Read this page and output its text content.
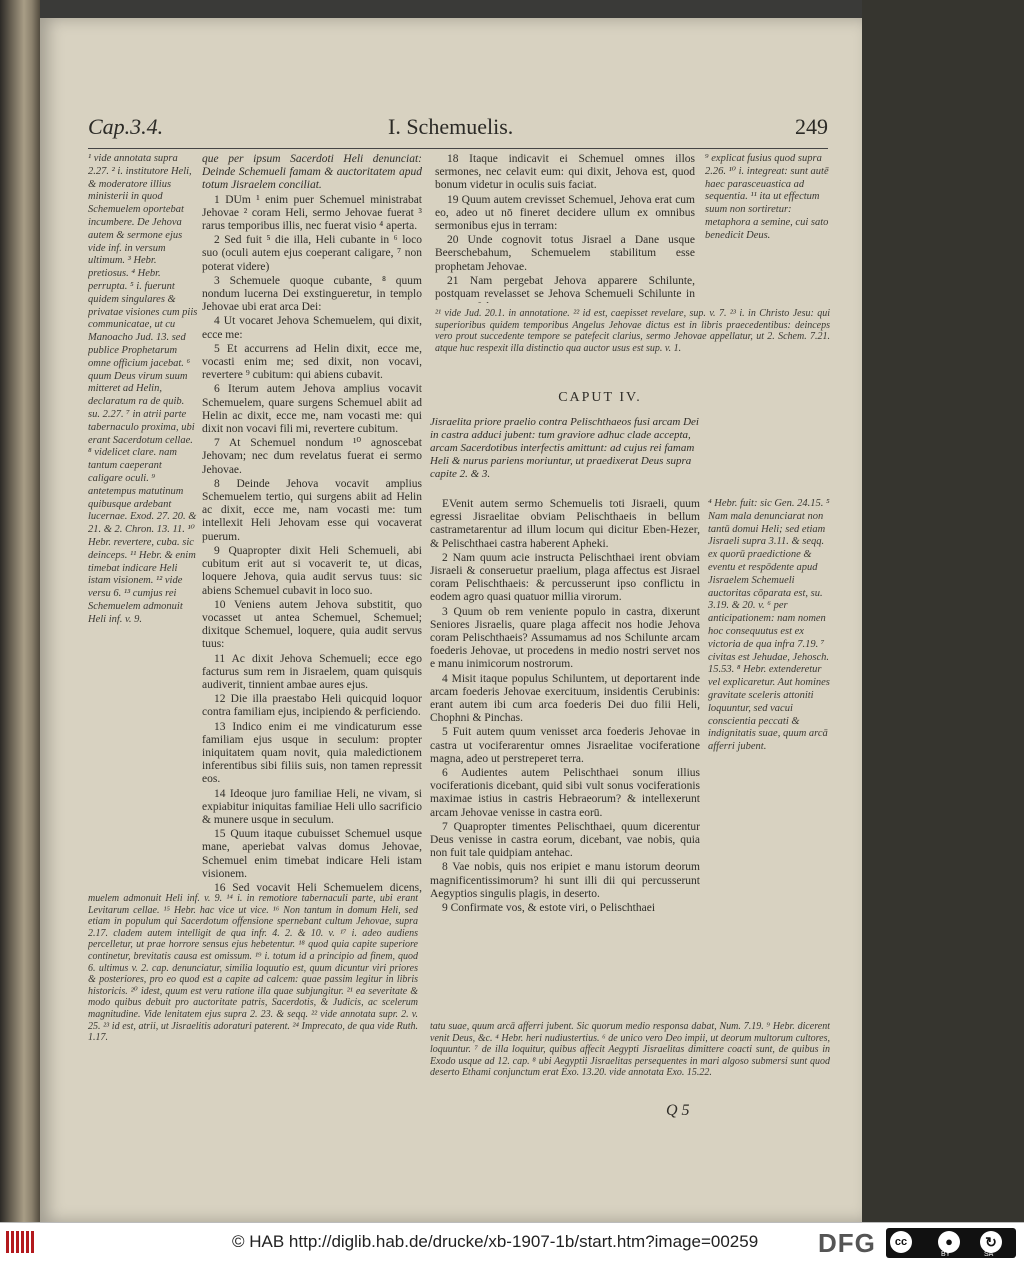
Cap.3.4.	I. Schemuelis.	249
¹ vide annotata supra 2.27. ² i. institutore Heli, & moderatore illius ministerii in quod Schemuelem oportebat incumbere. De Jehova autem & sermone ejus vide inf. in versum ultimum. ³ Hebr. pretiosus. ⁴ Hebr. perrupta. ⁵ i. fuerunt quidem singulares & privatae visiones cum piis communicatae, ut cu Manoacho Jud. 13. sed publice Prophetarum omne officium jacebat. ⁶ quum Deus virum suum mitteret ad Helin, declaratum ra de quib. su. 2.27. ⁷ in atrii parte tabernaculo proxima, ubi erant Sacerdotum cellae. ⁸ videlicet clare. nam tantum caeperant caligare oculi. ⁹ antetempus matutinum quibusque ardebant lucernae. Exod. 27. 20. & 21. & 2. Chron. 13. 11. ¹⁰ Hebr. revertere, cuba. sic deinceps. ¹¹ Hebr. & enim timebat indicare Heli istam visionem. ¹² vide versu 6. ¹³ cumjus rei Schemuelem admonuit Heli inf. v. 9.

que per ipsum Sacerdoti Heli denunciat: Deinde Schemueli famam & auctoritatem apud totum Jisraelem conciliat.

1 DUm ¹ enim puer Schemuel ministrabat Jehovae ² coram Heli, sermo Jehovae fuerat ³ rarus temporibus illis, nec fuerat visio ⁴ aperta.

2 Sed fuit ⁵ die illa, Heli cubante in ⁶ loco suo (oculi autem ejus coeperant caligare, ⁷ non poterat videre)

3 Schemuele quoque cubante, ⁸ quum nondum lucerna Dei exstingueretur, in templo Jehovae ubi erat arca Dei:

4 Ut vocaret Jehova Schemuelem, qui dixit, ecce me:

5 Et accurrens ad Helin dixit, ecce me, vocasti enim me; sed dixit, non vocavi, revertere ⁹ cubitum: qui abiens cubavit.

6 Iterum autem Jehova amplius vocavit Schemuelem, quare surgens Schemuel abiit ad Helin ac dixit, ecce me, nam vocasti me: qui dixit non vocavi fili mi, revertere cubitum.

7 At Schemuel nondum ¹⁰ agnoscebat Jehovam; nec dum revelatus fuerat ei sermo Jehovae.

8 Deinde Jehova vocavit amplius Schemuelem tertio, qui surgens abiit ad Helin ac dixit, ecce me, nam vocasti me: tum intellexit Heli Jehovam esse qui vocaverat puerum.

9 Quapropter dixit Heli Schemueli, abi cubitum erit aut si vocaverit te, ut dicas, loquere Jehova, quia audit servus tuus: sic abiens Schemuel cubavit in loco suo.

10 Veniens autem Jehova substitit, quo vocasset ut antea Schemuel, Schemuel; dixitque Schemuel, loquere, quia audit servus tuus:

11 Ac dixit Jehova Schemueli; ecce ego facturus sum rem in Jisraelem, quam quisquis audiverit, tinnient ambae aures ejus.

12 Die illa praestabo Heli quicquid loquor contra familiam ejus, incipiendo & perficiendo.

13 Indico enim ei me vindicaturum esse familiam ejus usque in seculum: propter iniquitatem quam novit, quia maledictionem inferentibus sibi filiis suis, non tamen repressit eos.

14 Ideoque juro familiae Heli, ne vivam, si expiabitur iniquitas familiae Heli ullo sacrificio & munere usque in seculum.

15 Quum itaque cubuisset Schemuel usque mane, aperiebat valvas domus Jehovae, Schemuel enim timebat indicare Heli istam visionem.

16 Sed vocavit Heli Schemuelem dicens,

18 Itaque indicavit ei Schemuel omnes illos sermones, nec celavit eum: qui dixit, Jehova est, quod bonum videtur in oculis suis faciat.

19 Quum autem crevisset Schemuel, Jehova erat cum eo, adeo ut nō fineret decidere ullum ex omnibus sermonibus ejus in terram:

20 Unde cognovit totus Jisrael a Dane usque Beerschebahum, Schemuelem stabilitum esse prophetam Jehovae.

21 Nam pergebat Jehova apparere Schilunte, postquam revelasset se Jehova Schemueli Schilunte in

⁹ explicat fusius quod supra 2.26. ¹⁰ i. integreat: sunt autē haec parasceuastica ad sequentia. ¹¹ ita ut effectum suum non sortiretur: metaphora a semine, cui sato benedicit Deus.
²¹ vide Jud. 20.1. in annotatione. ²² id est, caepisset revelare, sup. v. 7. ²³ i. in Christo Jesu: qui superioribus quidem temporibus Angelus Jehovae dictus est in libris praecedentibus: deinceps vero prout succedente tempore se patefecit clarius, sermo Jehovae appellatur, ut 2. Schem. 7.21. atque huc respexit illa distinctio qua auctor usus est sup. v. 1.
CAPUT IV.
Jisraelita priore praelio contra Pelischthaeos fusi arcam Dei in castra adduci jubent: tum graviore adhuc clade accepta, arcam Sacerdotibus interfectis amittunt: ad cujus rei famam Heli & nurus pariens moriuntur, ut praedixerat Deus supra capite 2. & 3.

EVenit autem sermo Schemuelis toti Jisraeli, quum egressi Jisraelitae obviam Pelischthaeis in bellum castrametarentur ad illum locum qui dicitur Eben-Hezer, & Pelischthaei castra haberent Apheki.

2 Nam quum acie instructa Pelischthaei irent obviam Jisraeli & conseruetur praelium, plaga affectus est Jisrael coram Pelischthaeis: & percusserunt ipso conflictu in eodem agro quasi quatuor millia virorum.

3 Quum ob rem veniente populo in castra, dixerunt Seniores Jisraelis, quare plaga affecit nos hodie Jehova coram Pelischthaeis? Assumamus ad nos Schilunte arcam foederis Jehovae, ut procedens in medio nostri servet nos e manu inimicorum nostrorum.

4 Misit itaque populus Schiluntem, ut deportarent inde arcam foederis Jehovae exercituum, insidentis Cerubinis: erant autem ibi cum arca foederis Dei duo filii Heli, Chophni & Pinchas.

5 Fuit autem quum venisset arca foederis Jehovae in castra ut vociferarentur omnes Jisraelitae vociferatione magna, adeo ut perstreperet terra.

6 Audientes autem Pelischthaei sonum illius vociferationis dicebant, quid sibi vult sonus vociferationis maximae istius in castris Hebraeorum? & intellexerunt arcam Jehovae venisse in castra eorū.

7 Quapropter timentes Pelischthaei, quum dicerentur Deus venisse in castra eorum, dicebant, vae nobis, quia non fuit tale quidpiam antehac.

8 Vae nobis, quis nos eripiet e manu istorum deorum magnificentissimorum? hi sunt illi dii qui percusserunt Aegyptios singulis plagis, in deserto.

9 Confirmate vos, & estote viri, o Pelischthaei

⁴ Hebr. fuit: sic Gen. 24.15. ⁵ Nam mala denunciarat non tantū domui Heli; sed etiam Jisraeli supra 3.11. & seqq. ex quorū praedictione & eventu et respōdente apud Jisraelem Schemueli auctoritas cōparata est, su. 3.19. & 20. v. ⁶ per anticipationem: nam nomen hoc consequutus est ex victoria de qua infra 7.19. ⁷ civitas est Jehudae, Jehosch. 15.53. ⁸ Hebr. extenderetur vel explicaretur. Aut homines gravitate sceleris attoniti loquuntur, sed vacui conscientia peccati & indignitatis suae, quum arcā afferri jubent.
muelem admonuit Heli inf. v. 9. ¹⁴ i. in remotiore tabernaculi parte, ubi erant Levitarum cellae. ¹⁵ Hebr. hac vice ut vice. ¹⁶ Non tantum in domum Heli, sed etiam in populum qui Sacerdotum offensione spernebant cultum Jehovae, supra 2.17. cladem autem intelligit de qua infr. 4. 2. & 10. v. ¹⁷ i. adeo audiens percelletur, ut prae horrore sensus ejus hebetentur. ¹⁸ quod quia capite superiore continetur, brevitatis causa est omissum. ¹⁹ i. totum id a principio ad finem, quod 6. ultimus v. 2. cap. denunciatur, similia loquutio est, quum dicuntur viri priores & posteriores, pro eo quod est a capite ad calcem: quae passim legitur in libris historicis. ²⁰ idest, quum est veru ratione illa quae subjungitur. ²¹ ea severitate & modo quibus debuit pro auctoritate patris, Sacerdotis, & Judicis, ac scelerum magnitudine. Vide lenitatem ejus supra 2. 23. & seqq. ²² vide annotata supr. 2. v. 25. ²³ id est, atrii, ut Jisraelitis adoraturi paterent. ²⁴ Imprecato, de qua vide Ruth. 1.17.
tatu suae, quum arcā afferri jubent. Sic quorum medio responsa dabat, Num. 7.19. ⁹ Hebr. dicerent venit Deus, &c. ⁴ Hebr. heri nudiustertius. ⁶ de unico vero Deo impii, ut deorum multorum cultores, loquuntur. ⁷ de illa loquitur, quibus affecit Aegypti Jisraelitas dimittere coacti sunt, de quibus in Exodo usque ad 12. cap. ⁸ ubi Aegyptii Jisraelitas persequentes in mari algoso submersi sunt quod deserto Ethami conjunctum erat Exo. 13.20. vide annotata Exo. 15.22.
Q 5
© HAB http://diglib.hab.de/drucke/xb-1907-1b/start.htm?image=00259 DFG	cc	●	↻
BY	SA
